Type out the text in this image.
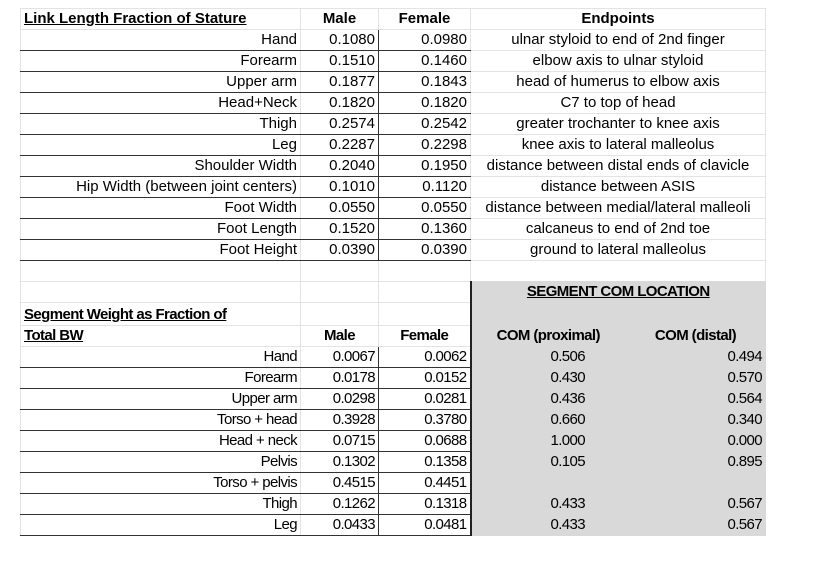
Link Length Fraction of Stature	Male	Female	Endpoints
Hand	0.1080	0.0980	ulnar styloid to end of 2nd finger
Forearm	0.1510	0.1460	elbow axis to ulnar styloid
Upper arm	0.1877	0.1843	head of humerus to elbow axis
Head+Neck	0.1820	0.1820	C7 to top of head
Thigh	0.2574	0.2542	greater trochanter to knee axis
Leg	0.2287	0.2298	knee axis to lateral malleolus
Shoulder Width	0.2040	0.1950	distance between distal ends of clavicle
Hip Width (between joint centers)	0.1010	0.1120	distance between ASIS
Foot Width	0.0550	0.0550	distance between medial/lateral malleoli
Foot Length	0.1520	0.1360	calcaneus to end of 2nd toe
Foot Height	0.0390	0.0390	ground to lateral malleolus

			SEGMENT COM LOCATION	
Segment Weight as Fraction of				
Total BW	Male	Female	COM (proximal)	COM (distal)
Hand	0.0067	0.0062	0.506	0.494
Forearm	0.0178	0.0152	0.430	0.570
Upper arm	0.0298	0.0281	0.436	0.564
Torso + head	0.3928	0.3780	0.660	0.340
Head + neck	0.0715	0.0688	1.000	0.000
Pelvis	0.1302	0.1358	0.105	0.895
Torso + pelvis	0.4515	0.4451		
Thigh	0.1262	0.1318	0.433	0.567
Leg	0.0433	0.0481	0.433	0.567
